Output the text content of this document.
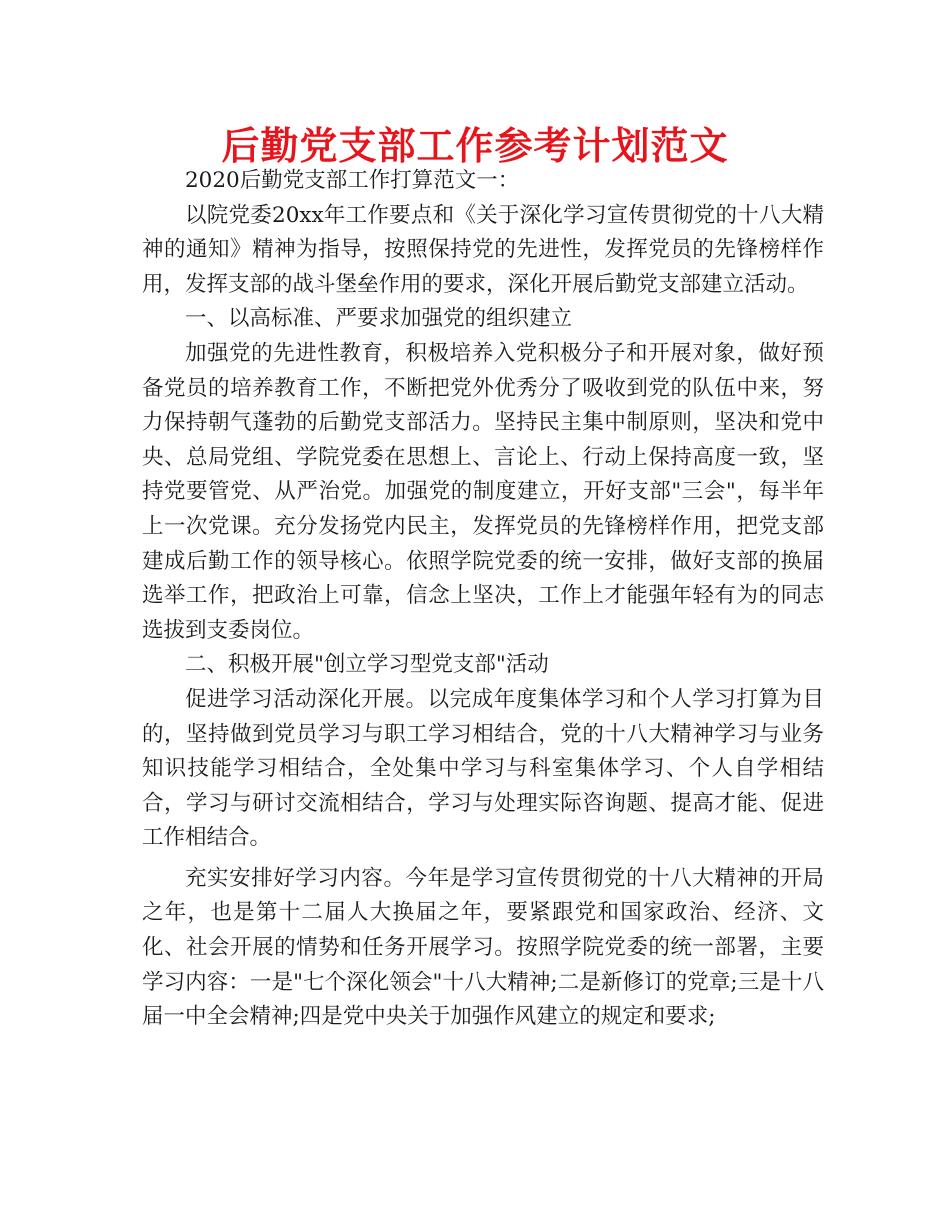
后勤党支部工作参考计划范文

2020后勤党支部工作打算范文一：

以院党委20xx年工作要点和《关于深化学习宣传贯彻党的十八大精神的通知》精神为指导，按照保持党的先进性，发挥党员的先锋榜样作用，发挥支部的战斗堡垒作用的要求，深化开展后勤党支部建立活动。

一、以高标准、严要求加强党的组织建立

加强党的先进性教育，积极培养入党积极分子和开展对象，做好预备党员的培养教育工作，不断把党外优秀分了吸收到党的队伍中来，努力保持朝气蓬勃的后勤党支部活力。坚持民主集中制原则，坚决和党中央、总局党组、学院党委在思想上、言论上、行动上保持高度一致，坚持党要管党、从严治党。加强党的制度建立，开好支部"三会"，每半年上一次党课。充分发扬党内民主，发挥党员的先锋榜样作用，把党支部建成后勤工作的领导核心。依照学院党委的统一安排，做好支部的换届选举工作，把政治上可靠，信念上坚决，工作上才能强年轻有为的同志选拔到支委岗位。

二、积极开展"创立学习型党支部"活动

促进学习活动深化开展。以完成年度集体学习和个人学习打算为目的，坚持做到党员学习与职工学习相结合，党的十八大精神学习与业务知识技能学习相结合，全处集中学习与科室集体学习、个人自学相结合，学习与研讨交流相结合，学习与处理实际咨询题、提高才能、促进工作相结合。

充实安排好学习内容。今年是学习宣传贯彻党的十八大精神的开局之年，也是第十二届人大换届之年，要紧跟党和国家政治、经济、文化、社会开展的情势和任务开展学习。按照学院党委的统一部署，主要学习内容：一是"七个深化领会"十八大精神;二是新修订的党章;三是十八届一中全会精神;四是党中央关于加强作风建立的规定和要求;
